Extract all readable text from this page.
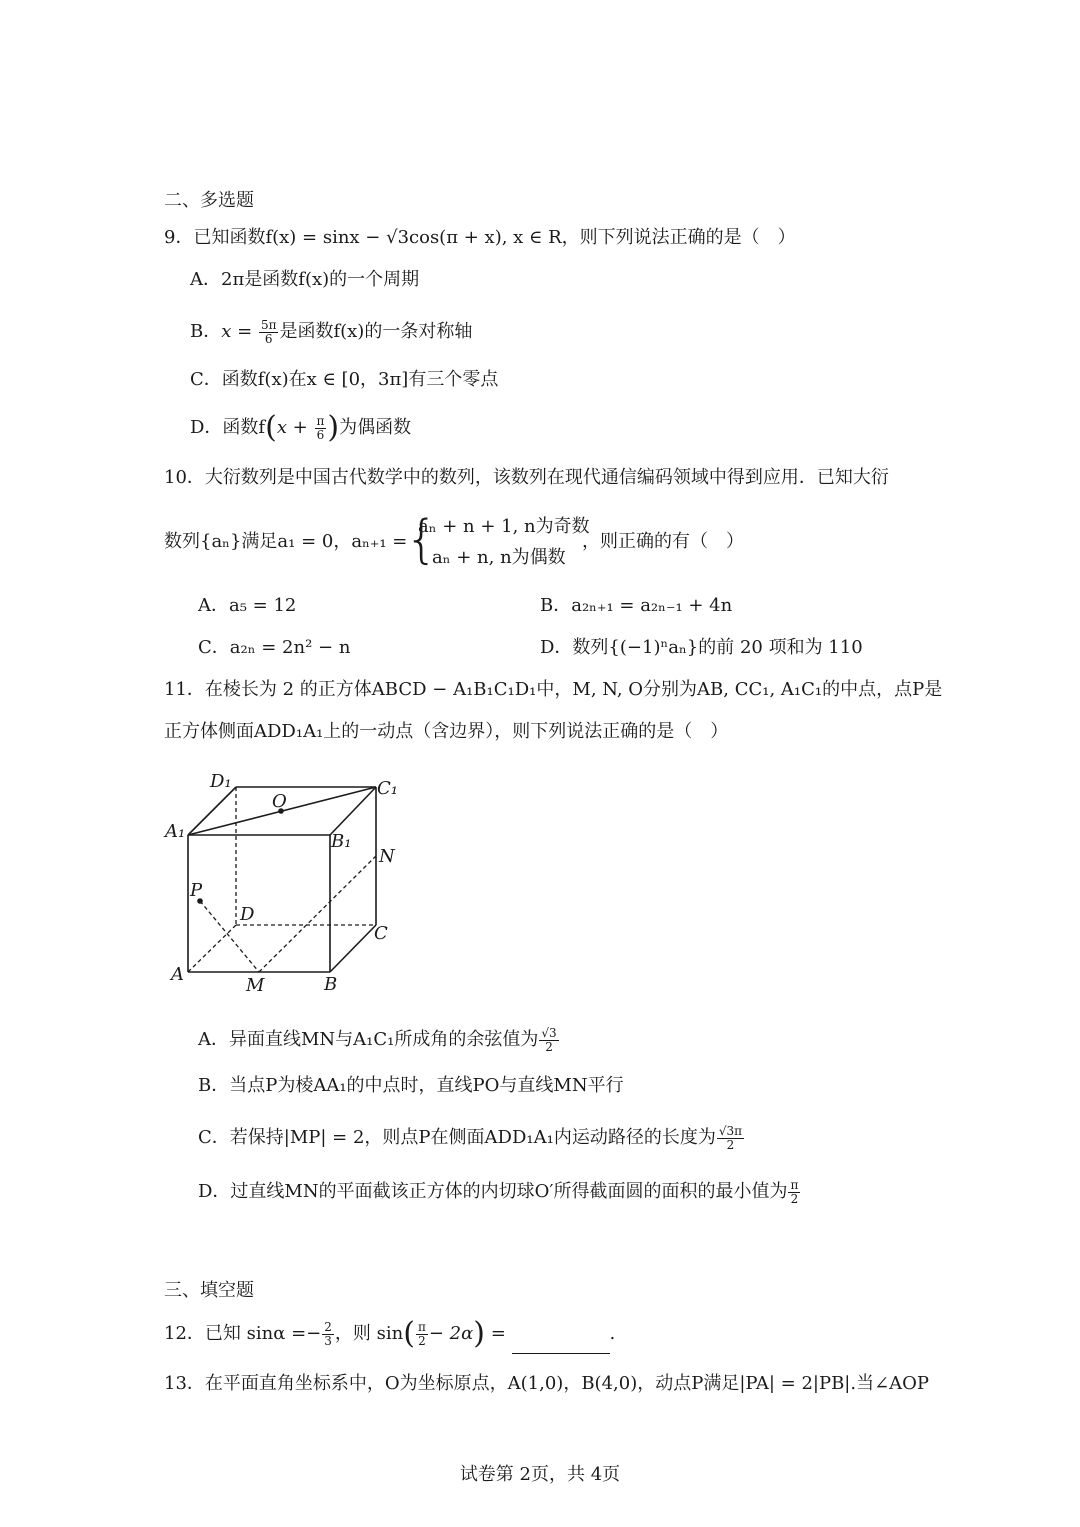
二、多选题
9．已知函数f(x) = sinx − √3cos(π + x), x ∈ R，则下列说法正确的是（　）
A．2π是函数f(x)的一个周期
B．$x = \frac{5\pi}{6}$ 是函数f(x)的一条对称轴
C．函数f(x)在x ∈ [0，3π]有三个零点
D．函数$f(x + \frac{\pi}{6}$ )为偶函数
10．大衍数列是中国古代数学中的数列，该数列在现代通信编码领域中得到应用．已知大衍
数列{aₙ}满足a₁ = 0，aₙ₊₁ =
{
aₙ + n + 1, n为奇数
aₙ + n, n为偶数
，则正确的有（　）
A．a₅ = 12	B．a₂ₙ₊₁ = a₂ₙ₋₁ + 4n
C．a₂ₙ = 2n² − n	D．数列{(−1)ⁿaₙ}的前 20 项和为 110
11．在棱长为 2 的正方体ABCD − A₁B₁C₁D₁中，M, N, O分别为AB, CC₁, A₁C₁的中点，点P是
正方体侧面ADD₁A₁上的一动点（含边界），则下列说法正确的是（　）
D₁	C₁
A₁	B₁
O
N
P
D
C
A
M	B
A．异面直线MN与A₁C₁所成角的余弦值为 $\frac{√3}{2}$
B．当点P为棱AA₁的中点时，直线PO与直线MN平行
C．若保持|MP| = 2，则点P在侧面ADD₁A₁内运动路径的长度为 $\frac{√3\pi}{2}$
D．过直线MN的平面截该正方体的内切球O′所得截面圆的面积的最小值为 $\frac{\pi}{2}$
三、填空题
12．已知 $\sin\alpha =- \frac{2}{3}$ ，则 $\sin( \frac{\pi}{2} - 2\alpha)$ =	.
13．在平面直角坐标系中，O为坐标原点，A(1,0)，B(4,0)，动点P满足|PA| = 2|PB|.当∠AOP
试卷第 2页，共 4页
